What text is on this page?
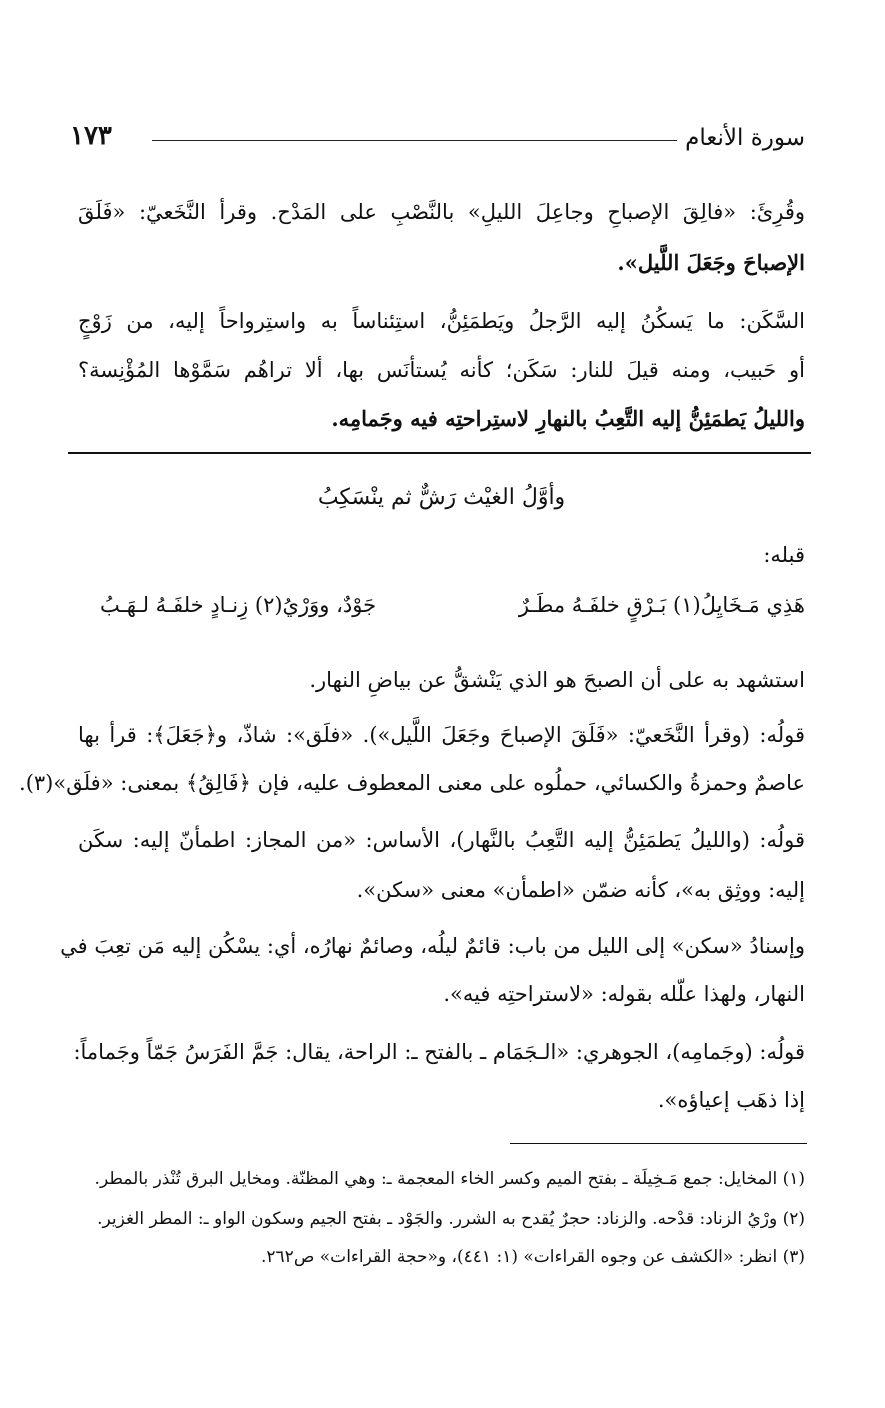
سورة الأنعام
١٧٣
وقُرِئَ: «فالِقَ الإصباحِ وجاعِلَ الليلِ» بالنَّصْبِ على المَدْح. وقرأ النَّخَعيّ: «فَلَقَ
الإصباحَ وجَعَلَ اللَّيل».
السَّكَن: ما يَسكُنُ إليه الرَّجلُ ويَطمَئِنُّ، استِئناساً به واستِرواحاً إليه، من زَوْجٍ
أو حَبيب، ومنه قيلَ للنار: سَكَن؛ كأنه يُستأنَس بها، ألا تراهُم سَمَّوْها المُؤْنِسة؟
والليلُ يَطمَئِنُّ إليه التَّعِبُ بالنهارِ لاستِراحتِه فيه وجَمامِه.
وأوَّلُ الغيْث رَشٌّ ثم ينْسَكِبُ
قبله:
هَذِي مَـخَايِلُ(١) بَـرْقٍ خلفَـهُ مطَـرٌ
جَوْدٌ، ووَرْيُ(٢) زِنـادٍ خلفَـهُ لـهَـبُ
استشهد به على أن الصبحَ هو الذي يَنْشقُّ عن بياضِ النهار.
قولُه: (وقرأ النَّخَعيّ: «فَلَقَ الإصباحَ وجَعَلَ اللَّيل»). «فلَق»: شاذّ، و﴿جَعَلَ﴾: قرأ بها
عاصمٌ وحمزةُ والكسائي، حملُوه على معنى المعطوف عليه، فإن ﴿فَالِقُ﴾ بمعنى: «فلَق»(٣).
قولُه: (والليلُ يَطمَئِنُّ إليه التَّعِبُ بالنَّهار)، الأساس: «من المجاز: اطمأنّ إليه: سكَن
إليه: ووثِق به»، كأنه ضمّن «اطمأن» معنى «سكن».
وإسنادُ «سكن» إلى الليل من باب: قائمٌ ليلُه، وصائمٌ نهارُه، أي: يسْكُن إليه مَن تعِبَ في
النهار، ولهذا علّله بقوله: «لاستراحتِه فيه».
قولُه: (وجَمامِه)، الجوهري: «الـجَمَام ـ بالفتح ـ: الراحة، يقال: جَمَّ الفَرَسُ جَمّاً وجَماماً:
إذا ذهَب إعياؤه».
(١) المخايل: جمع مَـخِيلَة ـ بفتح الميم وكسر الخاء المعجمة ـ: وهي المظنّة. ومخايل البرق تُنْذر بالمطر.
(٢) ورْيُ الزناد: قدْحه. والزناد: حجرٌ يُقدح به الشرر. والجَوْد ـ بفتح الجيم وسكون الواو ـ: المطر الغزير.
(٣) انظر: «الكشف عن وجوه القراءات» (١: ٤٤١)، و«حجة القراءات» ص٢٦٢.
